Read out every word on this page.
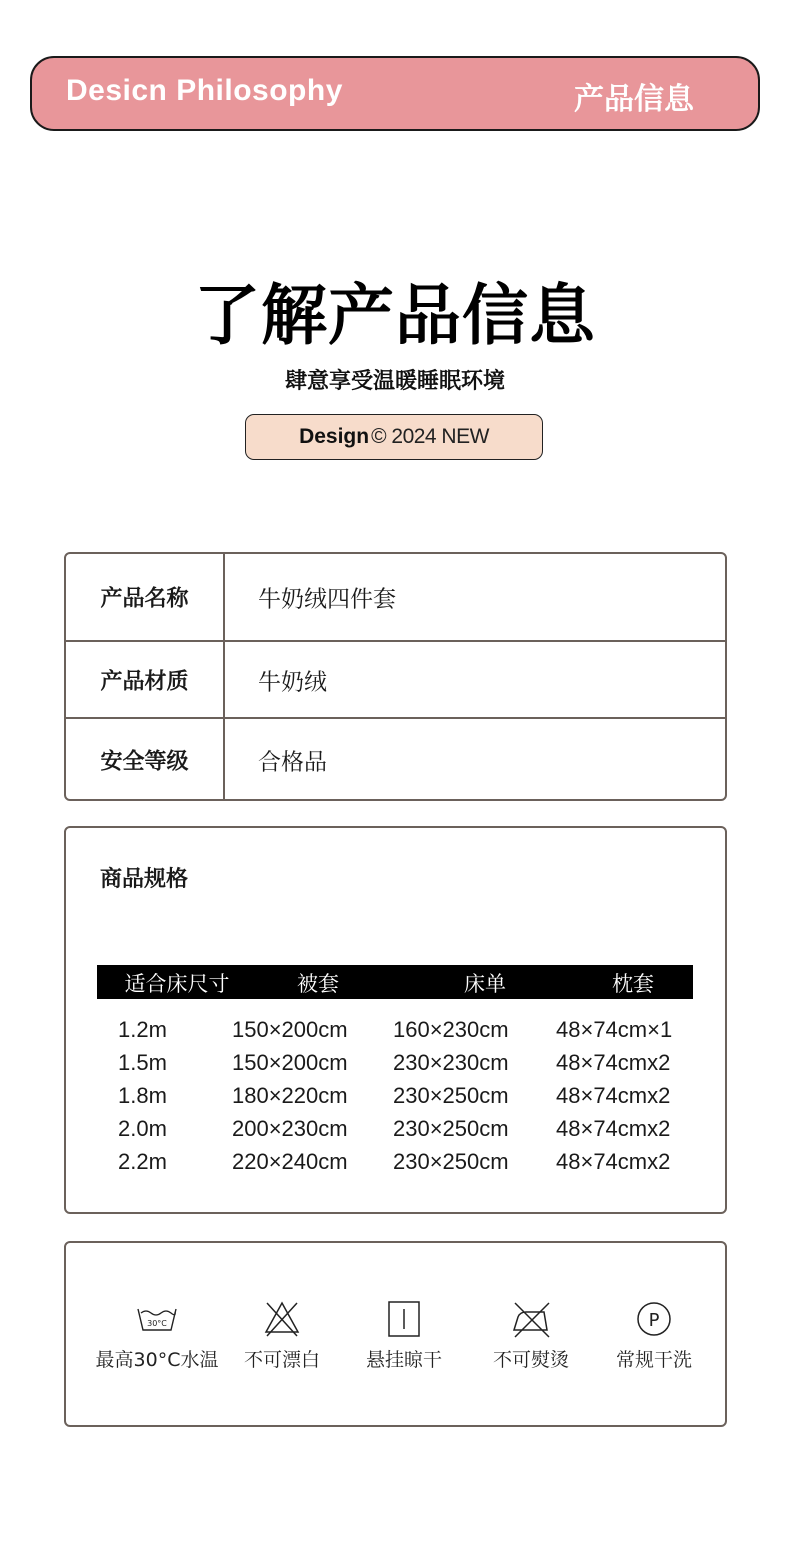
Desicn Philosophy	产品信息
了解产品信息
肆意享受温暖睡眠环境
Design © 2024 NEW
产品名称	牛奶绒四件套
产品材质	牛奶绒
安全等级	合格品
商品规格
适合床尺寸	被套	床单	枕套
1.2m	150×200cm 160×230cm 48×74cm×1
1.5m	150×200cm 230×230cm 48×74cmx2
1.8m	180×220cm 230×250cm 48×74cmx2
2.0m	200×230cm 230×250cm 48×74cmx2
2.2m	220×240cm 230×250cm 48×74cmx2
30°C
最高30°C水温	不可漂白	悬挂晾干	不可熨烫
P
常规干洗
